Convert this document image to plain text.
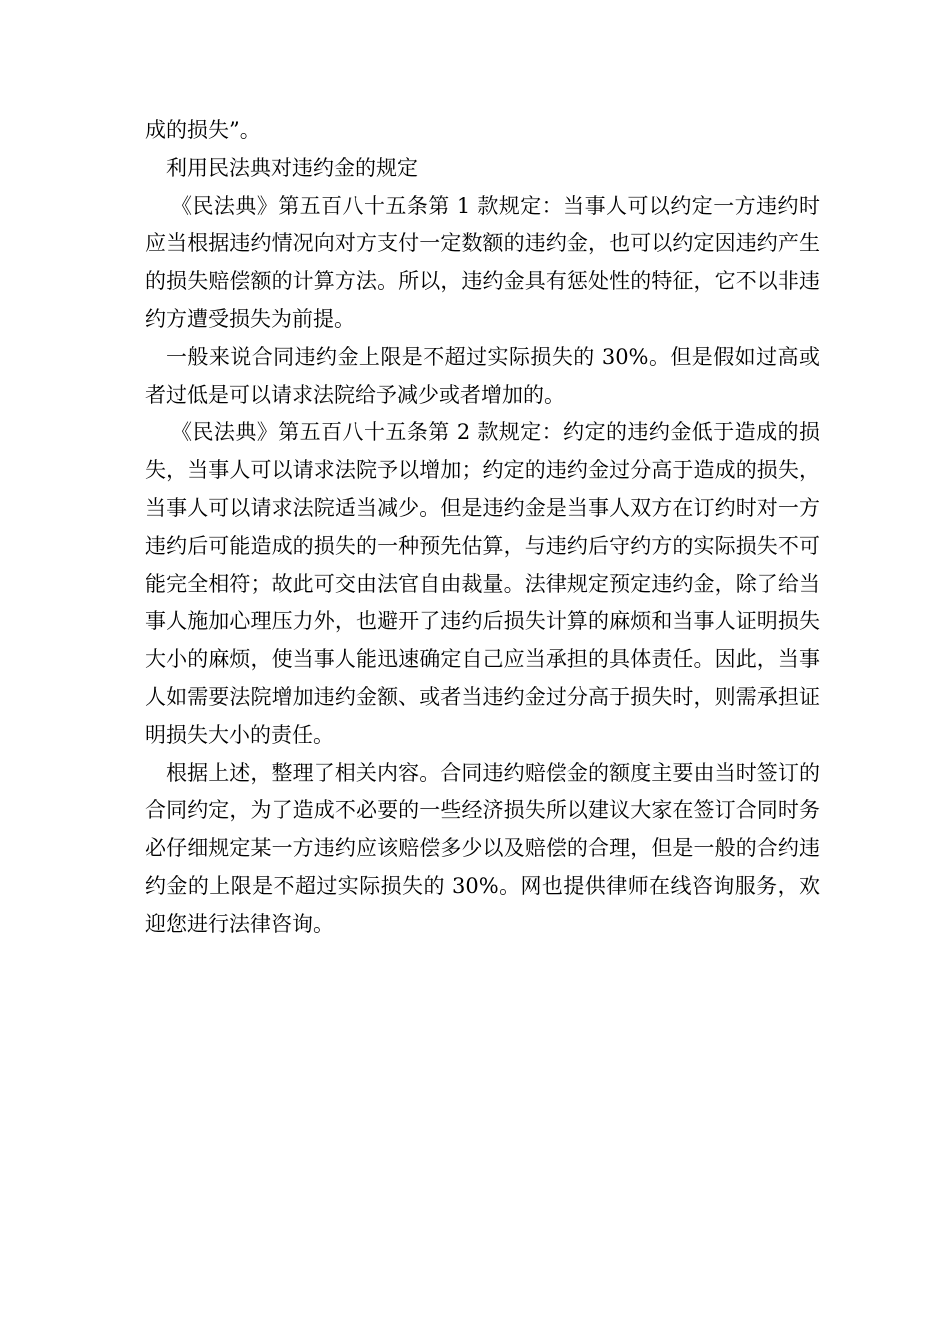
成的损失”。

利用民法典对违约金的规定

《民法典》第五百八十五条第 1 款规定：当事人可以约定一方违约时应当根据违约情况向对方支付一定数额的违约金，也可以约定因违约产生的损失赔偿额的计算方法。所以，违约金具有惩处性的特征，它不以非违约方遭受损失为前提。

一般来说合同违约金上限是不超过实际损失的 30%。但是假如过高或者过低是可以请求法院给予减少或者增加的。

《民法典》第五百八十五条第 2 款规定：约定的违约金低于造成的损失，当事人可以请求法院予以增加；约定的违约金过分高于造成的损失，当事人可以请求法院适当减少。但是违约金是当事人双方在订约时对一方违约后可能造成的损失的一种预先估算，与违约后守约方的实际损失不可能完全相符；故此可交由法官自由裁量。法律规定预定违约金，除了给当事人施加心理压力外，也避开了违约后损失计算的麻烦和当事人证明损失大小的麻烦，使当事人能迅速确定自己应当承担的具体责任。因此，当事人如需要法院增加违约金额、或者当违约金过分高于损失时，则需承担证明损失大小的责任。

根据上述，整理了相关内容。合同违约赔偿金的额度主要由当时签订的合同约定，为了造成不必要的一些经济损失所以建议大家在签订合同时务必仔细规定某一方违约应该赔偿多少以及赔偿的合理，但是一般的合约违约金的上限是不超过实际损失的 30%。网也提供律师在线咨询服务，欢迎您进行法律咨询。
